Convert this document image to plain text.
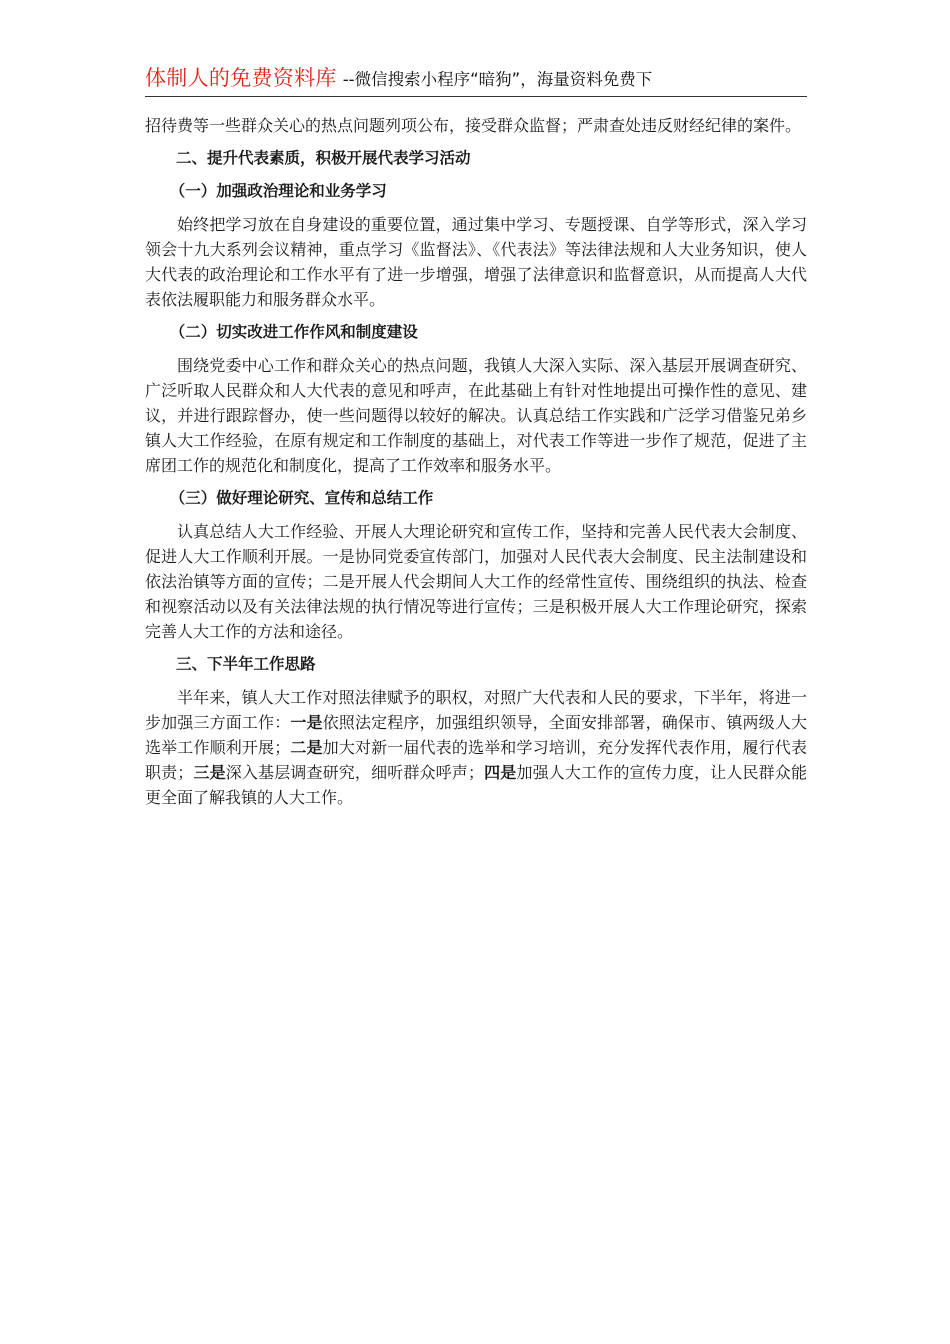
体制人的免费资料库 --微信搜索小程序“暗狗”，海量资料免费下

招待费等一些群众关心的热点问题列项公布，接受群众监督；严肃查处违反财经纪律的案件。

二、提升代表素质，积极开展代表学习活动

（一）加强政治理论和业务学习

始终把学习放在自身建设的重要位置，通过集中学习、专题授课、自学等形式，深入学习领会十九大系列会议精神，重点学习《监督法》、《代表法》等法律法规和人大业务知识，使人大代表的政治理论和工作水平有了进一步增强，增强了法律意识和监督意识，从而提高人大代表依法履职能力和服务群众水平。

（二）切实改进工作作风和制度建设

围绕党委中心工作和群众关心的热点问题，我镇人大深入实际、深入基层开展调查研究、广泛听取人民群众和人大代表的意见和呼声，在此基础上有针对性地提出可操作性的意见、建议，并进行跟踪督办，使一些问题得以较好的解决。认真总结工作实践和广泛学习借鉴兄弟乡镇人大工作经验，在原有规定和工作制度的基础上，对代表工作等进一步作了规范，促进了主席团工作的规范化和制度化，提高了工作效率和服务水平。

（三）做好理论研究、宣传和总结工作

认真总结人大工作经验、开展人大理论研究和宣传工作，坚持和完善人民代表大会制度、促进人大工作顺利开展。一是协同党委宣传部门，加强对人民代表大会制度、民主法制建设和依法治镇等方面的宣传；二是开展人代会期间人大工作的经常性宣传、围绕组织的执法、检查和视察活动以及有关法律法规的执行情况等进行宣传；三是积极开展人大工作理论研究，探索完善人大工作的方法和途径。

三、下半年工作思路

半年来，镇人大工作对照法律赋予的职权，对照广大代表和人民的要求，下半年，将进一步加强三方面工作：一是依照法定程序，加强组织领导，全面安排部署，确保市、镇两级人大选举工作顺利开展；二是加大对新一届代表的选举和学习培训，充分发挥代表作用，履行代表职责；三是深入基层调查研究，细听群众呼声；四是加强人大工作的宣传力度，让人民群众能更全面了解我镇的人大工作。
